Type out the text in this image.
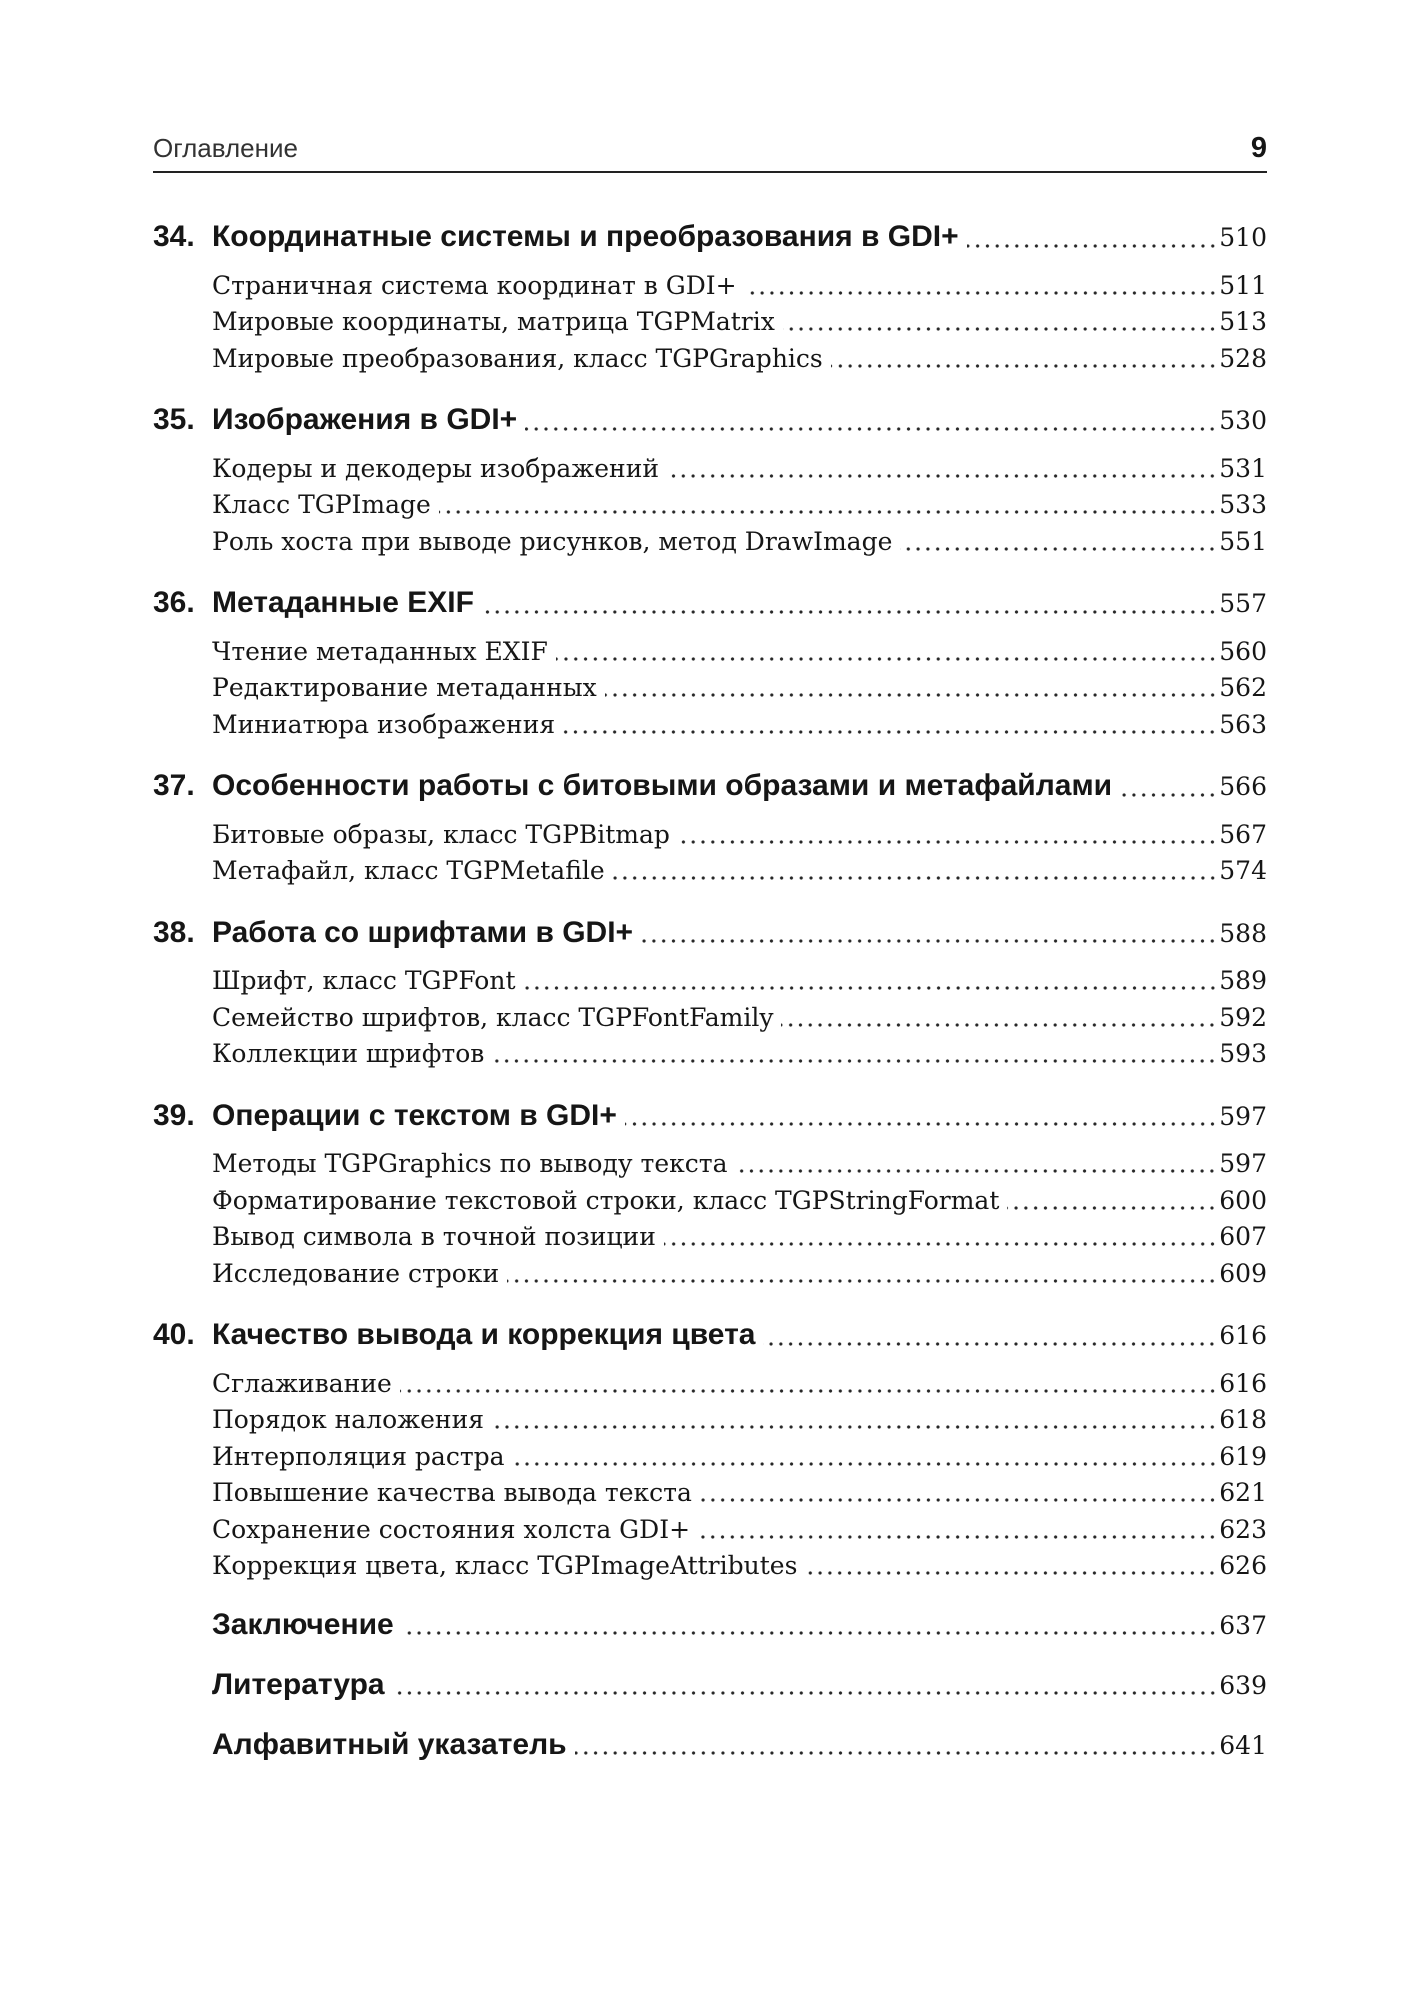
Оглавление	9
34. Координатные системы и преобразования в GDI+	510
Страничная система координат в GDI+	511
Мировые координаты, матрица TGPMatrix	513
Мировые преобразования, класс TGPGraphics	528
35. Изображения в GDI+	530
Кодеры и декодеры изображений	531
Класс TGPImage	533
Роль хоста при выводе рисунков, метод DrawImage	551
36. Метаданные EXIF	557
Чтение метаданных EXIF	560
Редактирование метаданных	562
Миниатюра изображения	563
37. Особенности работы с битовыми образами и метафайлами	566
Битовые образы, класс TGPBitmap	567
Метафайл, класс TGPMetafile	574
38. Работа со шрифтами в GDI+	588
Шрифт, класс TGPFont	589
Семейство шрифтов, класс TGPFontFamily	592
Коллекции шрифтов	593
39. Операции с текстом в GDI+	597
Методы TGPGraphics по выводу текста	597
Форматирование текстовой строки, класс TGPStringFormat	600
Вывод символа в точной позиции	607
Исследование строки	609
40. Качество вывода и коррекция цвета	616
Сглаживание	616
Порядок наложения	618
Интерполяция растра	619
Повышение качества вывода текста	621
Сохранение состояния холста GDI+	623
Коррекция цвета, класс TGPImageAttributes	626
Заключение	637
Литература	639
Алфавитный указатель	641
